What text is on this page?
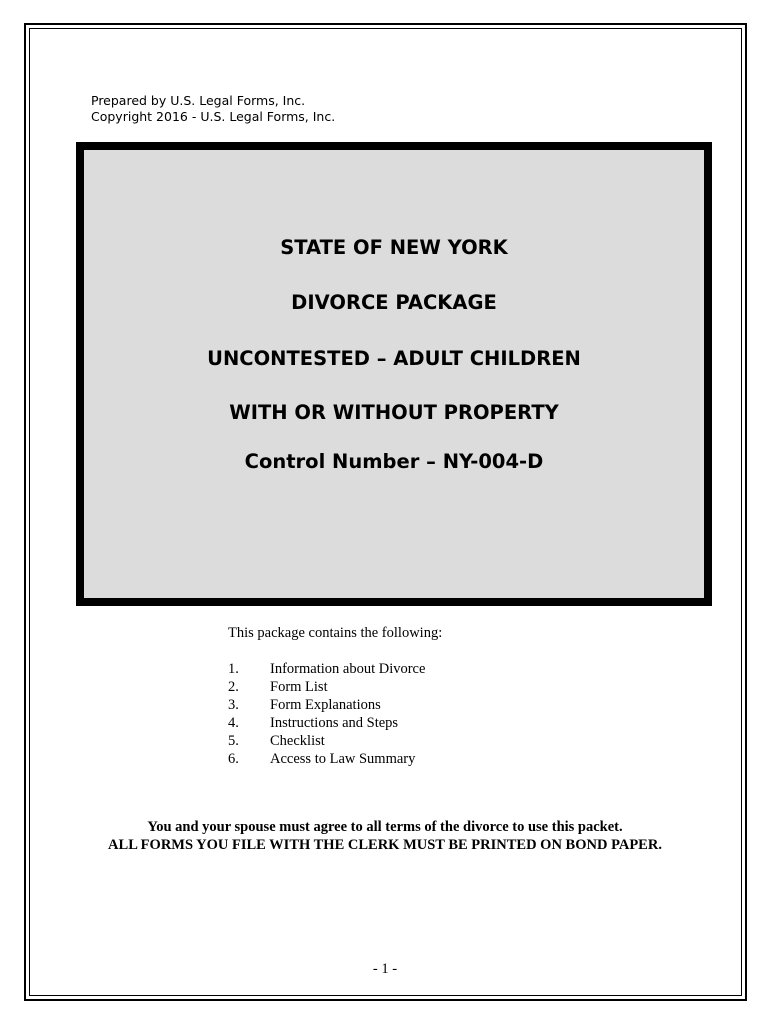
Prepared by U.S. Legal Forms, Inc.
Copyright 2016 - U.S. Legal Forms, Inc.
STATE OF NEW YORK
DIVORCE PACKAGE
UNCONTESTED – ADULT CHILDREN
WITH OR WITHOUT PROPERTY
Control Number – NY-004-D
This package contains the following:
1.	Information about Divorce
2.	Form List
3.	Form Explanations
4.	Instructions and Steps
5.	Checklist
6.	Access to Law Summary
You and your spouse must agree to all terms of the divorce to use this packet.
ALL FORMS YOU FILE WITH THE CLERK MUST BE PRINTED ON BOND PAPER.
- 1 -
